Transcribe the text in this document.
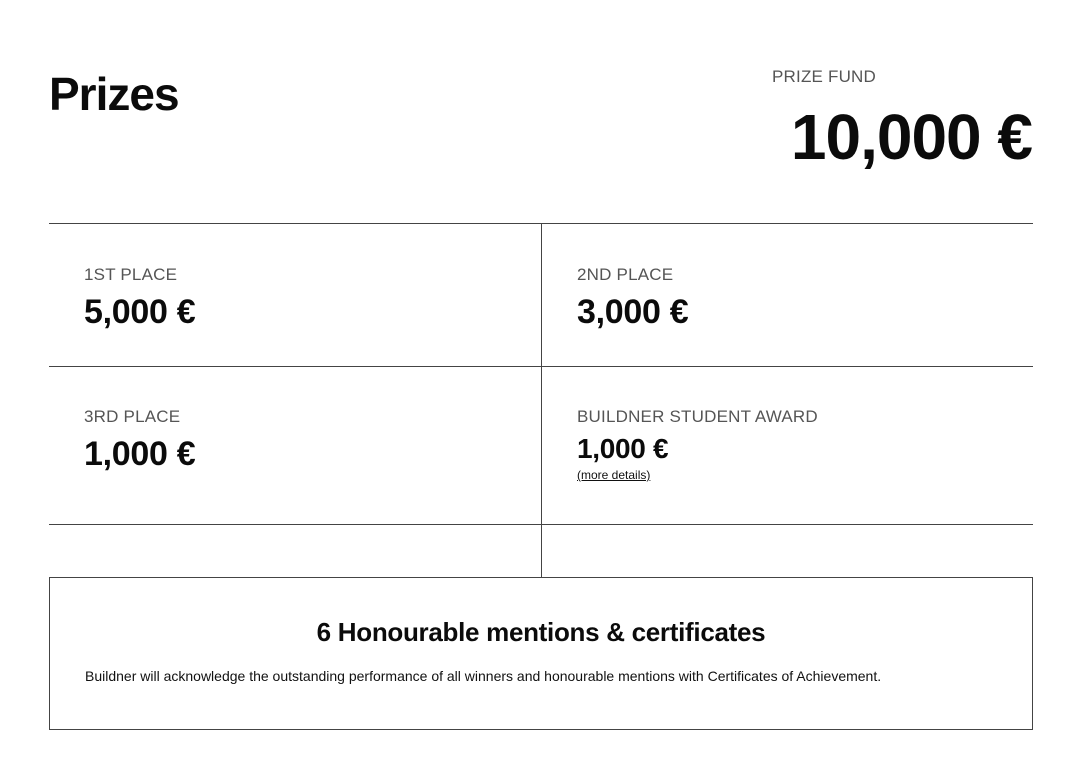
Prizes	PRIZE FUND
10,000 €
1ST PLACE
5,000 €
2ND PLACE
3,000 €
3RD PLACE
1,000 €
BUILDNER STUDENT AWARD
1,000 €
(more details)
6 Honourable mentions & certificates
Buildner will acknowledge the outstanding performance of all winners and honourable mentions with Certificates of Achievement.
